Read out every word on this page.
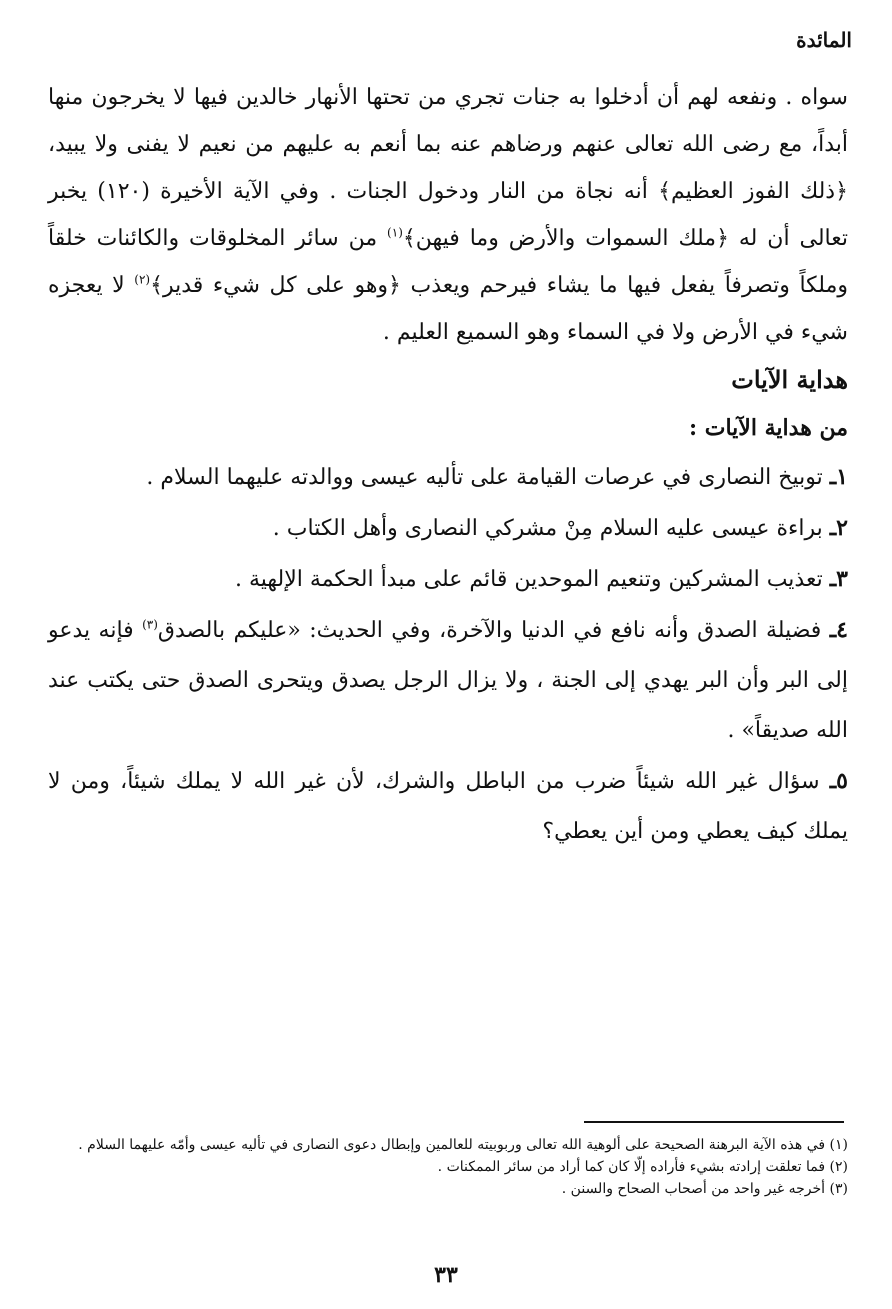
المائدة

سواه . ونفعه لهم أن أدخلوا به جنات تجري من تحتها الأنهار خالدين فيها لا يخرجون منها أبداً، مع رضى الله تعالى عنهم ورضاهم عنه بما أنعم به عليهم من نعيم لا يفنى ولا يبيد، ﴿ذلك الفوز العظيم﴾ أنه نجاة من النار ودخول الجنات . وفي الآية الأخيرة (١٢٠) يخبر تعالى أن له ﴿ملك السموات والأرض وما فيهن﴾$^{(١)}$ من سائر المخلوقات والكائنات خلقاً وملكاً وتصرفاً يفعل فيها ما يشاء فيرحم ويعذب ﴿وهو على كل شيء قدير﴾$^{(٢)}$ لا يعجزه شيء في الأرض ولا في السماء وهو السميع العليم .

هداية الآيات

من هداية الآيات :

١ـ توبيخ النصارى في عرصات القيامة على تأليه عيسى ووالدته عليهما السلام .

٢ـ براءة عيسى عليه السلام مِنْ مشركي النصارى وأهل الكتاب .

٣ـ تعذيب المشركين وتنعيم الموحدين قائم على مبدأ الحكمة الإلهية .

٤ـ فضيلة الصدق وأنه نافع في الدنيا والآخرة، وفي الحديث: «عليكم بالصدق$^{(٣)}$ فإنه يدعو إلى البر وأن البر يهدي إلى الجنة ، ولا يزال الرجل يصدق ويتحرى الصدق حتى يكتب عند الله صديقاً» .

٥ـ سؤال غير الله شيئاً ضرب من الباطل والشرك، لأن غير الله لا يملك شيئاً، ومن لا يملك كيف يعطي ومن أين يعطي؟

(١) في هذه الآية البرهنة الصحيحة على ألوهية الله تعالى وربوبيته للعالمين وإبطال دعوى النصارى في تأليه عيسى وأمّه عليهما السلام .

(٢) فما تعلقت إرادته بشيء فأراده إلّا كان كما أراد من سائر الممكنات .

(٣) أخرجه غير واحد من أصحاب الصحاح والسنن .

٣٣
